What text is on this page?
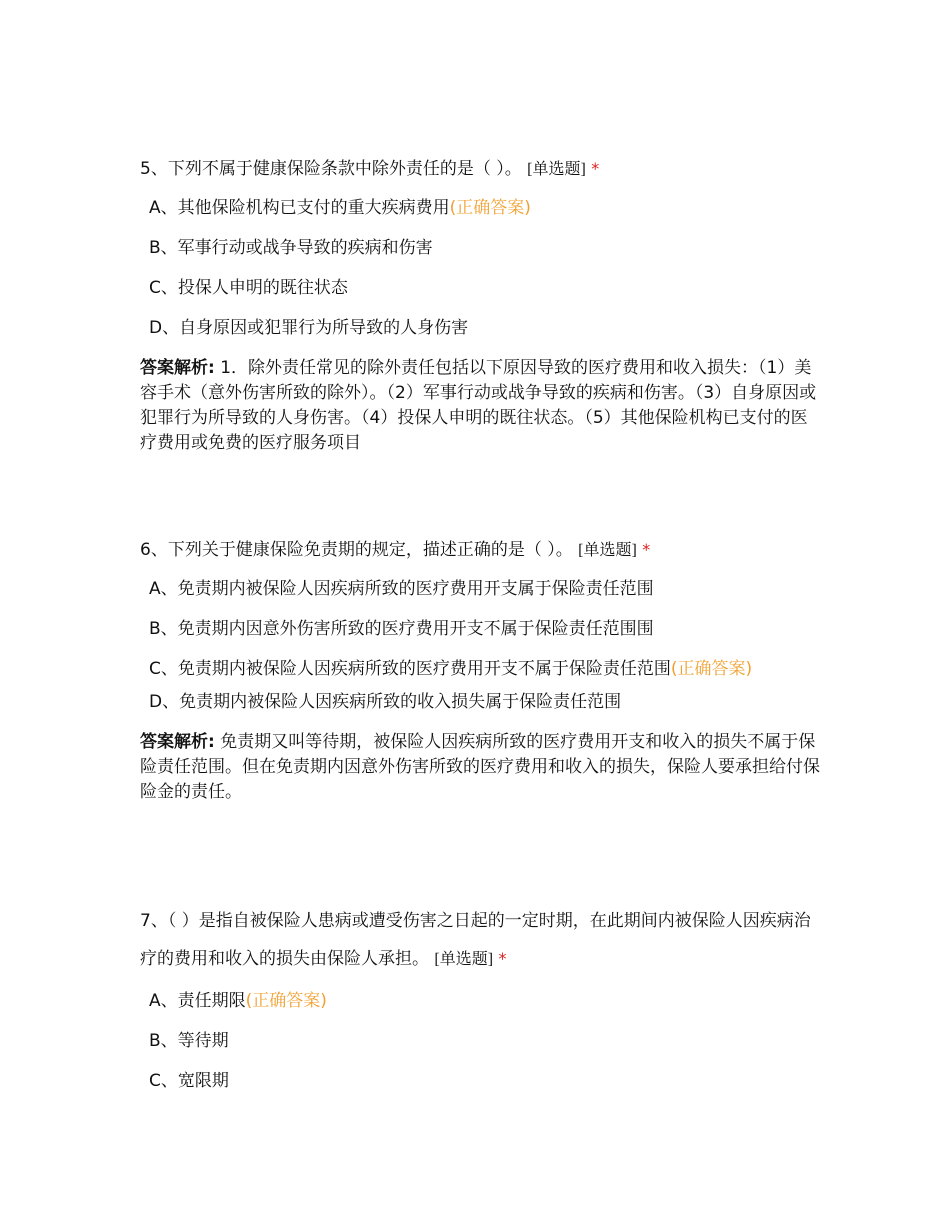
5、下列不属于健康保险条款中除外责任的是（ ）。 [单选题] *

A、其他保险机构已支付的重大疾病费用(正确答案)
B、军事行动或战争导致的疾病和伤害
C、投保人申明的既往状态
D、自身原因或犯罪行为所导致的人身伤害
答案解析: 1．除外责任常见的除外责任包括以下原因导致的医疗费用和收入损失：（1）美容手术（意外伤害所致的除外）。（2）军事行动或战争导致的疾病和伤害。（3）自身原因或犯罪行为所导致的人身伤害。（4）投保人申明的既往状态。（5）其他保险机构已支付的医疗费用或免费的医疗服务项目

6、下列关于健康保险免责期的规定，描述正确的是（ ）。 [单选题] *

A、免责期内被保险人因疾病所致的医疗费用开支属于保险责任范围
B、免责期内因意外伤害所致的医疗费用开支不属于保险责任范围围
C、免责期内被保险人因疾病所致的医疗费用开支不属于保险责任范围(正确答案)
D、免责期内被保险人因疾病所致的收入损失属于保险责任范围
答案解析: 免责期又叫等待期，被保险人因疾病所致的医疗费用开支和收入的损失不属于保险责任范围。但在免责期内因意外伤害所致的医疗费用和收入的损失，保险人要承担给付保险金的责任。

7、（ ）是指自被保险人患病或遭受伤害之日起的一定时期，在此期间内被保险人因疾病治疗的费用和收入的损失由保险人承担。 [单选题] *

A、责任期限(正确答案)
B、等待期
C、宽限期
